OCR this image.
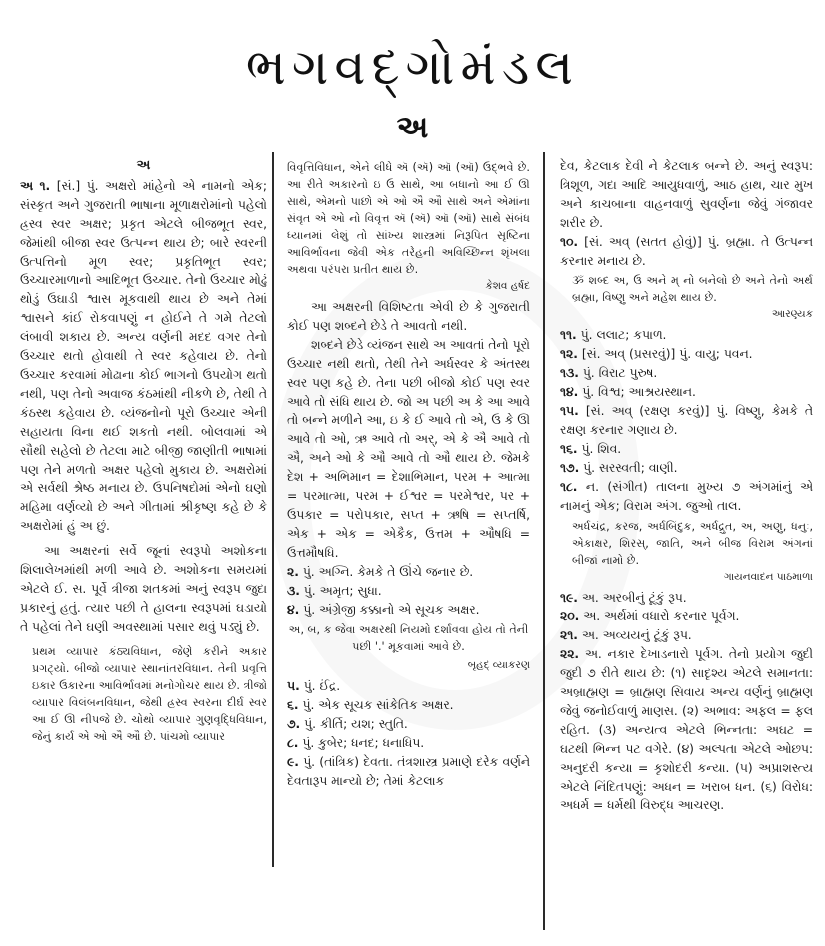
ભગવદ્ગોમંડલ
અ
અ

અ ૧. [સં.] પું. અક્ષરો માંહેનો એ નામનો એક; સંસ્કૃત અને ગુજરાતી ભાષાના મૂળાક્ષરોમાંનો પહેલો હ્રસ્વ સ્વર અક્ષર; પ્રકૃત એટલે બીજભૂત સ્વર, જેમાંથી બીજા સ્વર ઉત્પન્ન થાય છે; બારે સ્વરની ઉત્પત્તિનો મૂળ સ્વર; પ્રકૃતિભૂત સ્વર; ઉચ્ચારમાળાનો આદિભૂત ઉચ્ચાર. તેનો ઉચ્ચાર મોઢું થોડું ઉઘાડી શ્વાસ મૂકવાથી થાય છે અને તેમાં શ્વાસને કાંઈ રોકવાપણું ન હોઈને તે ગમે તેટલો લંબાવી શકાય છે. અન્ય વર્ણની મદદ વગર તેનો ઉચ્ચાર થતો હોવાથી તે સ્વર કહેવાય છે. તેનો ઉચ્ચાર કરવામાં મોઢાના કોઈ ભાગનો ઉપયોગ થતો નથી, પણ તેનો અવાજ કંઠમાંથી નીકળે છે, તેથી તે કંઠસ્થ કહેવાય છે. વ્યંજનોનો પૂરો ઉચ્ચાર એની સહાયતા વિના થઈ શકતો નથી. બોલવામાં એ સૌથી સહેલો છે તેટલા માટે બીજી જાણીતી ભાષામાં પણ તેને મળતો અક્ષર પહેલો મુકાય છે. અક્ષરોમાં એ સર્વથી શ્રેષ્ઠ મનાય છે. ઉપનિષદોમાં એનો ઘણો મહિમા વર્ણવ્યો છે અને ગીતામાં શ્રીકૃષ્ણ કહે છે કે અક્ષરોમાં હું અ છું.

આ અક્ષરનાં સર્વે જૂનાં સ્વરૂપો અશોકના શિલાલેખમાંથી મળી આવે છે. અશોકના સમયમાં એટલે ઈ. સ. પૂર્વે ત્રીજા શતકમાં અનું સ્વરૂપ જુદા પ્રકારનું હતું. ત્યાર પછી તે હાલના સ્વરૂપમાં ઘડાયો તે પહેલાં તેને ઘણી અવસ્થામાં પસાર થવું પડ્યું છે.

પ્રથમ વ્યાપાર કંઠ્યવિધાન, જેણે કરીને અકાર પ્રગટ્યો. બીજો વ્યાપાર સ્થાનાંતરવિધાન. તેની પ્રવૃત્તિ ઇકાર ઉકારના આવિર્ભાવમાં મનોગોચર થાય છે. ત્રીજો વ્યાપાર વિલંબનવિધાન, જેથી હ્રસ્વ સ્વરના દીર્ઘ સ્વર આ ઈ ઊ નીપજે છે. ચોથો વ્યાપાર ગુણવૃદ્ધિવિધાન, જેનું કાર્ય એ ઓ ઐ ઔ છે. પાંચમો વ્યાપાર

વિવૃત્તિવિધાન, એને લીધે ઍ (ઍ) ઑ (ઑ) ઉદ્ભવે છે. આ રીતે અકારનો ઇ ઉ સાથે, આ બધાનો આ ઈ ઊ સાથે, એમનો પાછો એ ઓ ઐ ઔ સાથે અને એમાંના સંવૃત એ ઓ નો વિવૃત્ત ઍ (ઍ) ઑ (ઑ) સાથે સંબંધ ધ્યાનમાં લેશું તો સાંખ્ય શાસ્ત્રમાં નિરૂપિત સૃષ્ટિના આવિર્ભાવના જેવી એક તરેહની અવિચ્છિન્ન શૃંખલા અથવા પરંપરા પ્રતીત થાય છે.

કેશવ હર્ષદ

આ અક્ષરની વિશિષ્ટતા એવી છે કે ગુજરાતી કોઈ પણ શબ્દને છેડે તે આવતો નથી.

શબ્દને છેડે વ્યંજન સાથે અ આવતાં તેનો પૂરો ઉચ્ચાર નથી થતો, તેથી તેને અર્ધસ્વર કે અંતસ્થ સ્વર પણ કહે છે. તેના પછી બીજો કોઈ પણ સ્વર આવે તો સંધિ થાય છે. જો અ પછી અ કે આ આવે તો બન્ને મળીને આ, ઇ કે ઈ આવે તો એ, ઉ કે ઊ આવે તો ઓ, ઋ આવે તો અર્, એ કે ઐ આવે તો ઐ, અને ઓ કે ઔ આવે તો ઔ થાય છે. જેમકે દેશ + અભિમાન = દેશાભિમાન, પરમ + આત્મા = પરમાત્મા, પરમ + ઈશ્વર = પરમેશ્વર, પર + ઉપકાર = પરોપકાર, સપ્ત + ઋષિ = સપ્તર્ષિ, એક + એક = એકૈક, ઉત્તમ + ઔષધિ = ઉત્તમૌષધિ.

૨. પું. અગ્નિ. કેમકે તે ઊંચે જનાર છે.

૩. પું. અમૃત; સુધા.

૪. પું. અંગ્રેજી કક્કાનો એ સૂચક અક્ષર.

અ, બ, ક જેવા અક્ષરથી નિયમો દર્શાવવા હોય તો તેની પછી '.' મૂકવામાં આવે છે.

બૃહદ્ વ્યાકરણ

૫. પું. ઈંદ્ર.

૬. પું. એક સૂચક સાંકેતિક અક્ષર.

૭. પું. કીર્તિ; યશ; સ્તુતિ.

૮. પું. કુબેર; ધનદ; ધનાધિપ.

૯. પું. (તાંત્રિક) દેવતા. તંત્રશાસ્ત્ર પ્રમાણે દરેક વર્ણને દેવતારૂપ માન્યો છે; તેમાં કેટલાક

દેવ, કેટલાક દેવી ને કેટલાક બન્ને છે. અનું સ્વરૂપ: ત્રિશૂળ, ગદા આદિ આયુધવાળું, આઠ હાથ, ચાર મુખ અને કાચબાના વાહનવાળું સુવર્ણના જેવું ગંજાવર શરીર છે.

૧૦. [સં. અવ્ (સતત હોવું)] પું. બ્રહ્મા. તે ઉત્પન્ન કરનાર મનાય છે.

ૐ શબ્દ અ, ઉ અને મ્ નો બનેલો છે અને તેનો અર્થ બ્રહ્મા, વિષ્ણુ અને મહેશ થાય છે.

આરણ્યક

૧૧. પું. લલાટ; કપાળ.

૧૨. [સં. અવ્ (પ્રસરવું)] પું. વાયુ; પવન.

૧૩. પું. વિરાટ પુરુષ.

૧૪. પું. વિશ્વ; આશ્રયસ્થાન.

૧૫. [સં. અવ્ (રક્ષણ કરવું)] પું. વિષ્ણુ, કેમકે તે રક્ષણ કરનાર ગણાય છે.

૧૬. પું. શિવ.

૧૭. પું. સરસ્વતી; વાણી.

૧૮. ન. (સંગીત) તાલના મુખ્ય ૭ અંગમાંનું એ નામનું એક; વિરામ અંગ. જુઓ તાલ.

અર્ધચંદ્ર, કરજ, અર્ધબિંદુક, અર્ધદ્રુત, અ, અણુ, ધનુઃ, એકાક્ષર, શિરસ્, જાતિ, અને બીજ વિરામ અંગનાં બીજાં નામો છે.

ગાયનવાદન પાઠમાળા

૧૯. અ. અરબીનું ટૂંકું રૂપ.

૨૦. અ. અર્થમાં વધારો કરનાર પૂર્વગ.

૨૧. અ. અવ્યયનું ટૂંકું રૂપ.

૨૨. અ. નકાર દેખાડનારો પૂર્વગ. તેનો પ્રયોગ જુદી જુદી ૭ રીતે થાય છે: (૧) સાદૃશ્ય એટલે સમાનતા: અબ્રાહ્મણ = બ્રાહ્મણ સિવાય અન્ય વર્ણનું બ્રાહ્મણ જેવું જનોઈવાળું માણસ. (૨) અભાવ: અફલ = ફલ રહિત. (૩) અન્યત્વ એટલે ભિન્નતા: અઘટ = ઘટથી ભિન્ન પટ વગેરે. (૪) અલ્પતા એટલે ઓછપ: અનુદરી કન્યા = કૃશોદરી કન્યા. (૫) અપ્રાશસ્ત્ય એટલે નિંદિતપણું: અધન = ખરાબ ધન. (૬) વિરોધ: અધર્મ = ધર્મથી વિરુદ્ધ આચરણ.
